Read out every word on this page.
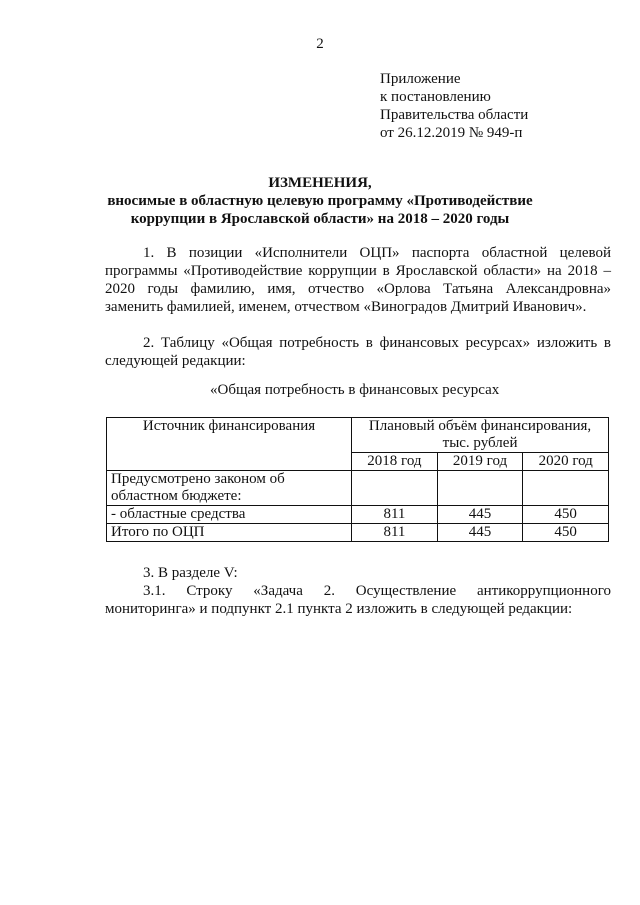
2
Приложение
к постановлению
Правительства области
от 26.12.2019 № 949-п
ИЗМЕНЕНИЯ,
вносимые в областную целевую программу «Противодействие
коррупции в Ярославской области» на 2018 – 2020 годы
1. В позиции «Исполнители ОЦП» паспорта областной целевой программы «Противодействие коррупции в Ярославской области» на 2018 – 2020 годы фамилию, имя, отчество «Орлова Татьяна Александровна» заменить фамилией, именем, отчеством «Виноградов Дмитрий Иванович».
2. Таблицу «Общая потребность в финансовых ресурсах» изложить в следующей редакции:
«Общая потребность в финансовых ресурсах
Источник финансирования	Плановый объём финансирования, тыс. рублей		
	2018 год	2019 год	2020 год
Предусмотрено законом об областном бюджете:			
- областные средства	811	445	450
Итого по ОЦП	811	445	450
3. В разделе V:
3.1. Строку «Задача 2. Осуществление антикоррупционного мониторинга» и подпункт 2.1 пункта 2 изложить в следующей редакции:
